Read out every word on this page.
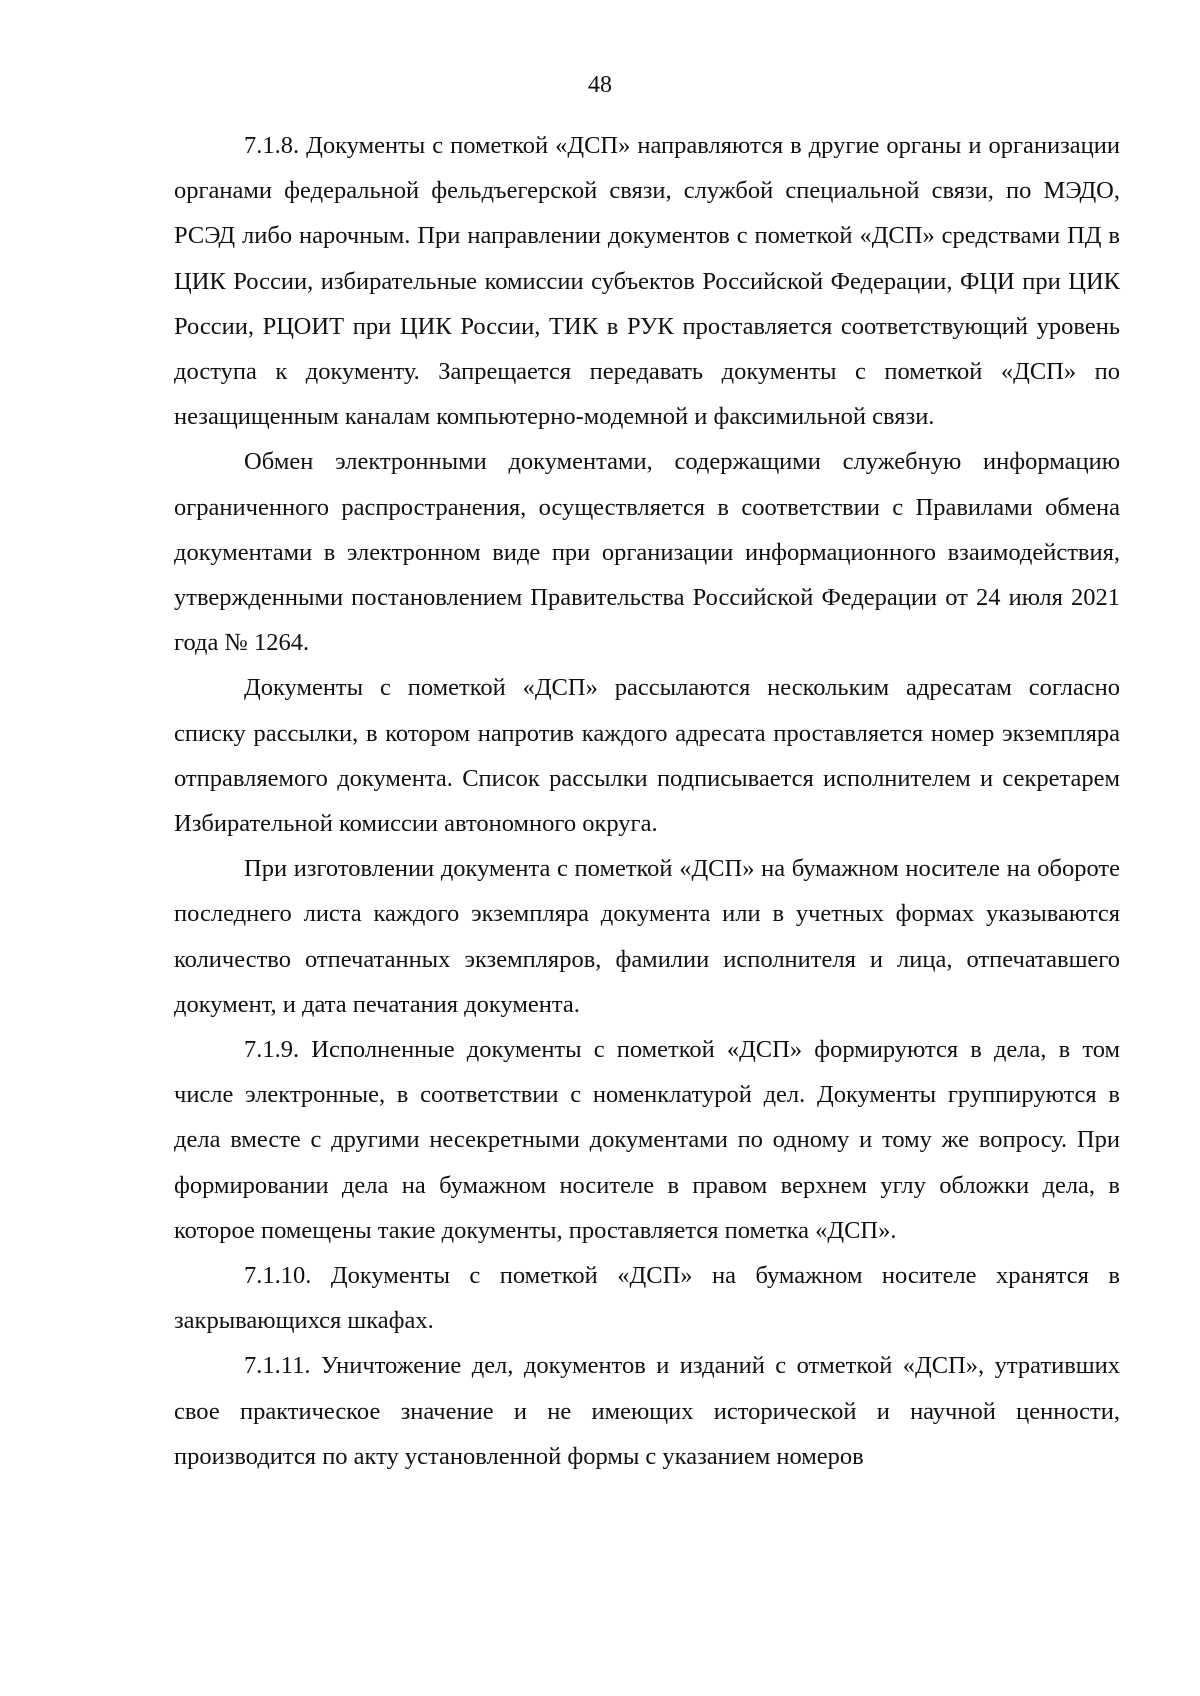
48

7.1.8. Документы с пометкой «ДСП» направляются в другие органы и организации органами федеральной фельдъегерской связи, службой специальной связи, по МЭДО, РСЭД либо нарочным. При направлении документов с пометкой «ДСП» средствами ПД в ЦИК России, избирательные комиссии субъектов Российской Федерации, ФЦИ при ЦИК России, РЦОИТ при ЦИК России, ТИК в РУК проставляется соответствующий уровень доступа к документу. Запрещается передавать документы с пометкой «ДСП» по незащищенным каналам компьютерно-модемной и факсимильной связи.

Обмен электронными документами, содержащими служебную информацию ограниченного распространения, осуществляется в соответствии с Правилами обмена документами в электронном виде при организации информационного взаимодействия, утвержденными постановлением Правительства Российской Федерации от 24 июля 2021 года № 1264.

Документы с пометкой «ДСП» рассылаются нескольким адресатам согласно списку рассылки, в котором напротив каждого адресата проставляется номер экземпляра отправляемого документа. Список рассылки подписывается исполнителем и секретарем Избирательной комиссии автономного округа.

При изготовлении документа с пометкой «ДСП» на бумажном носителе на обороте последнего листа каждого экземпляра документа или в учетных формах указываются количество отпечатанных экземпляров, фамилии исполнителя и лица, отпечатавшего документ, и дата печатания документа.

7.1.9. Исполненные документы с пометкой «ДСП» формируются в дела, в том числе электронные, в соответствии с номенклатурой дел. Документы группируются в дела вместе с другими несекретными документами по одному и тому же вопросу. При формировании дела на бумажном носителе в правом верхнем углу обложки дела, в которое помещены такие документы, проставляется пометка «ДСП».

7.1.10. Документы с пометкой «ДСП» на бумажном носителе хранятся в закрывающихся шкафах.

7.1.11. Уничтожение дел, документов и изданий с отметкой «ДСП», утративших свое практическое значение и не имеющих исторической и научной ценности, производится по акту установленной формы с указанием номеров
